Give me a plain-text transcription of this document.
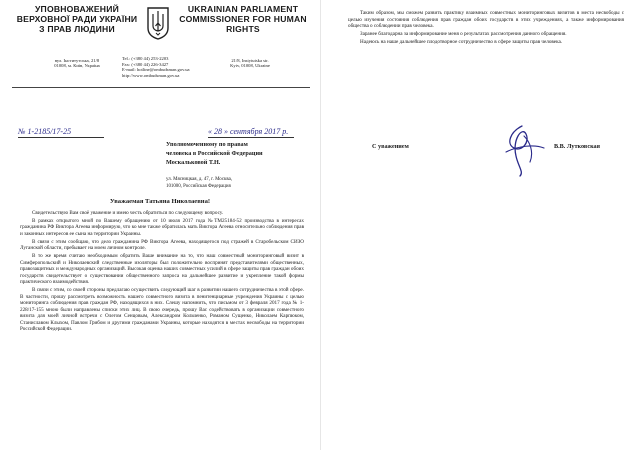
УПОВНОВАЖЕНИЙ ВЕРХОВНОЇ РАДИ УКРАЇНИ З ПРАВ ЛЮДИНИ
UKRAINIAN PARLIAMENT COMMISSIONER FOR HUMAN RIGHTS
вул. Інститутська, 21/8
01008, м. Київ, Україна
Tel.: (+380 44) 253-2203
Fax: (+380 44) 226-3427
E-mail: hotline@ombudsman.gov.ua
http://www.ombudsman.gov.ua
21/8, Instytutska str.
Kyiv, 01008, Ukraine
№ 1-2185/17-25	« 28 » сентября 2017 р.
Уполномоченному по правам
человека в Российской Федерации
Москальковой Т.Н.
ул. Мясницкая, д. 47, г. Москва,
101000, Российская Федерация
Уважаемая Татьяна Николаевна!

Свидетельствую Вам своё уважение и имею честь обратиться по следующему вопросу.

В рамках открытого мной по Вашему обращению от 10 июля 2017 года №TM25184-52 производства в интересах гражданина РФ Виктора Агеева информирую, что ко мне также обратилась мать Виктора Агеева относительно соблюдения прав и законных интересов ее сына на территории Украины.

В связи с этим сообщаю, что дело гражданина РФ Виктора Агеева, находящегося под стражей в Старобельском СИЗО Луганской области, пребывает на моем личном контроле.

В то же время считаю необходимым обратить Ваше внимание на то, что наш совместный мониторинговый визит в Симферопольский и Николаевский следственные изоляторы был положительно воспринят представителями общественных, правозащитных и международных организаций. Высокая оценка наших совместных усилий в сфере защиты прав граждан обоих государств свидетельствует о существовании общественного запроса на дальнейшее развитие и укрепление такой формы практического взаимодействия.

В связи с этим, со своей стороны предлагаю осуществить следующий шаг в развитии нашего сотрудничества в этой сфере. В частности, прошу рассмотреть возможность нашего совместного визита в пенитенциарные учреждения Украины с целью мониторинга соблюдения прав граждан РФ, находящихся в них. Слешу напомнить, что письмом от 3 февраля 2017 года № 1-228/17-155 мною были направлены списки этих лиц. В свою очередь, прошу Вас содействовать в организации совместного визита для моей личной встречи с Олегом Сенцовым, Александром Кольченко, Романом Сущенко, Николаем Карпюком, Станиславом Клыхом, Павлом Грибом и другими гражданами Украины, которые находятся в местах несвободы на территории Российской Федерации.

Таким образом, мы сможем развить практику взаимных совместных мониторинговых визитов в места несвободы с целью изучения состояния соблюдения прав граждан обоих государств в этих учреждениях, а также информирования общества о соблюдении прав человека.

Заранее благодарна за информирование меня о результатах рассмотрения данного обращения.

Надеюсь на наше дальнейшее плодотворное сотрудничество в сфере защиты прав человека.

С уважением	В.В. Лутковская
